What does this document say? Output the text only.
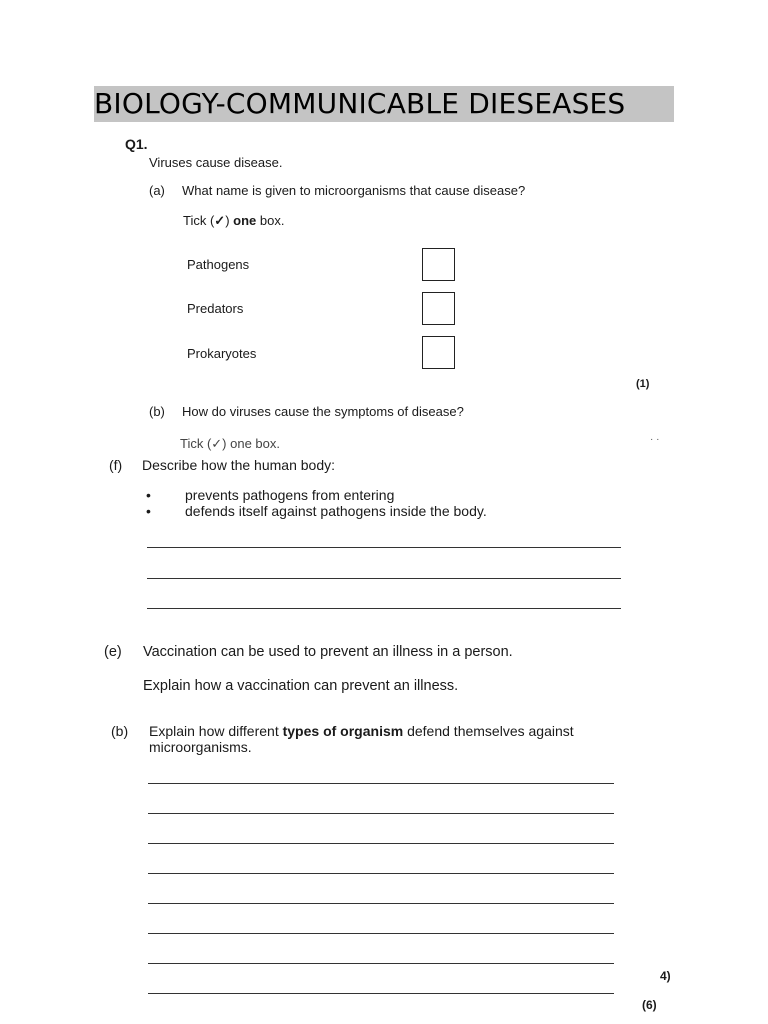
BIOLOGY-COMMUNICABLE DIESEASES
Q1.
Viruses cause disease.
(a) What name is given to microorganisms that cause disease?
Tick (✓) one box.
Pathogens
Predators
Prokaryotes
(1)
(b) How do viruses cause the symptoms of disease?
Tick (✓) one box.	· ·
(f) Describe how the human body:
• prevents pathogens from entering
• defends itself against pathogens inside the body.
(e) Vaccination can be used to prevent an illness in a person.
Explain how a vaccination can prevent an illness.
(b) Explain how different types of organism defend themselves against
microorganisms.
4)
(6)
